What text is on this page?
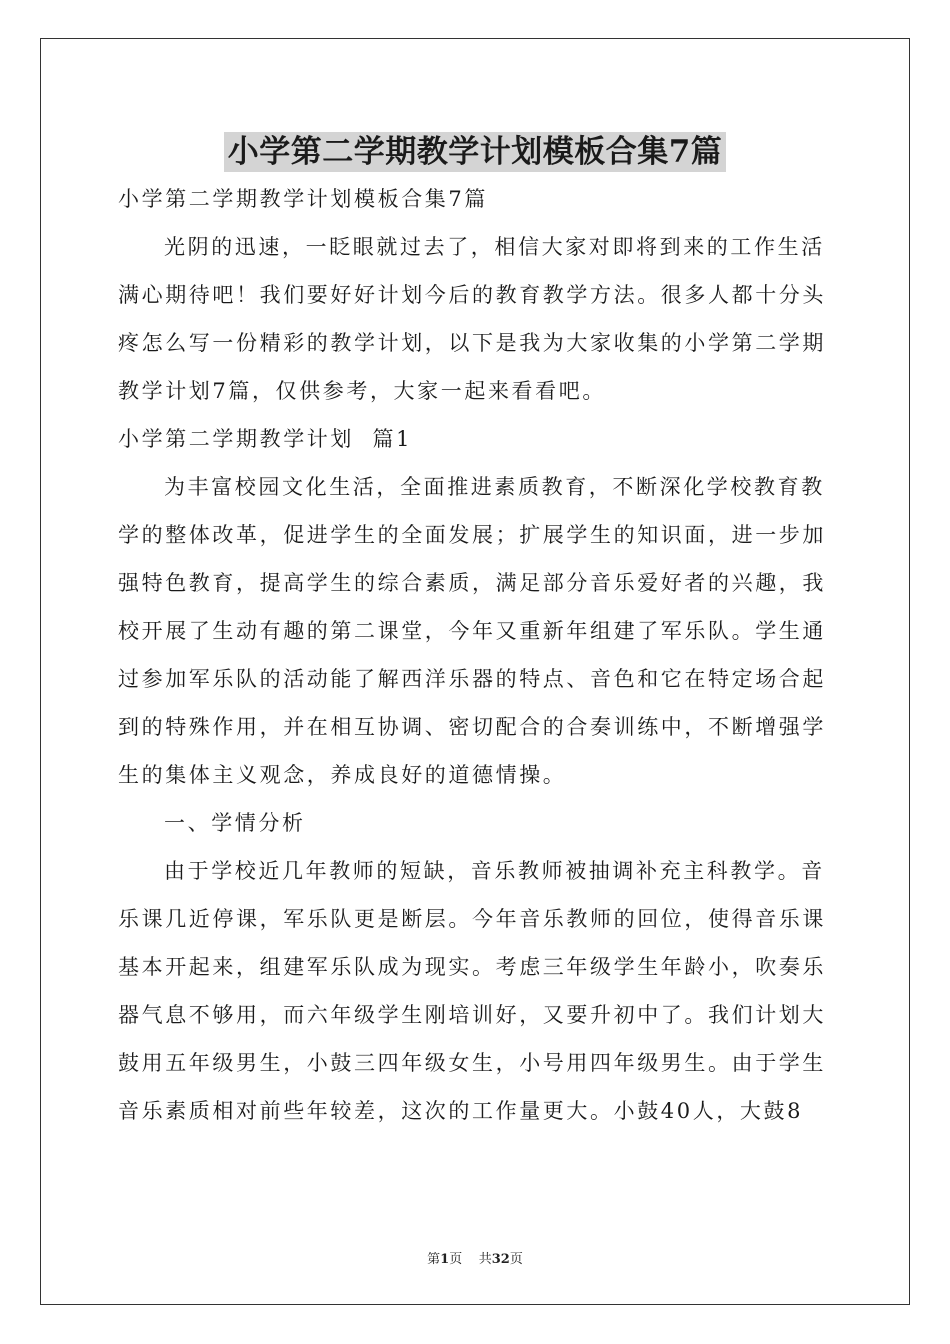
小学第二学期教学计划模板合集7篇
小学第二学期教学计划模板合集7篇
光阴的迅速，一眨眼就过去了，相信大家对即将到来的工作生活
满心期待吧！我们要好好计划今后的教育教学方法。很多人都十分头
疼怎么写一份精彩的教学计划，以下是我为大家收集的小学第二学期
教学计划7篇，仅供参考，大家一起来看看吧。
小学第二学期教学计划  篇1
为丰富校园文化生活，全面推进素质教育，不断深化学校教育教
学的整体改革，促进学生的全面发展；扩展学生的知识面，进一步加
强特色教育，提高学生的综合素质，满足部分音乐爱好者的兴趣，我
校开展了生动有趣的第二课堂，今年又重新年组建了军乐队。学生通
过参加军乐队的活动能了解西洋乐器的特点、音色和它在特定场合起
到的特殊作用，并在相互协调、密切配合的合奏训练中，不断增强学
生的集体主义观念，养成良好的道德情操。
一、学情分析
由于学校近几年教师的短缺，音乐教师被抽调补充主科教学。音
乐课几近停课，军乐队更是断层。今年音乐教师的回位，使得音乐课
基本开起来，组建军乐队成为现实。考虑三年级学生年龄小，吹奏乐
器气息不够用，而六年级学生刚培训好，又要升初中了。我们计划大
鼓用五年级男生，小鼓三四年级女生，小号用四年级男生。由于学生
音乐素质相对前些年较差，这次的工作量更大。小鼓40人，大鼓8
第1页    共32页
